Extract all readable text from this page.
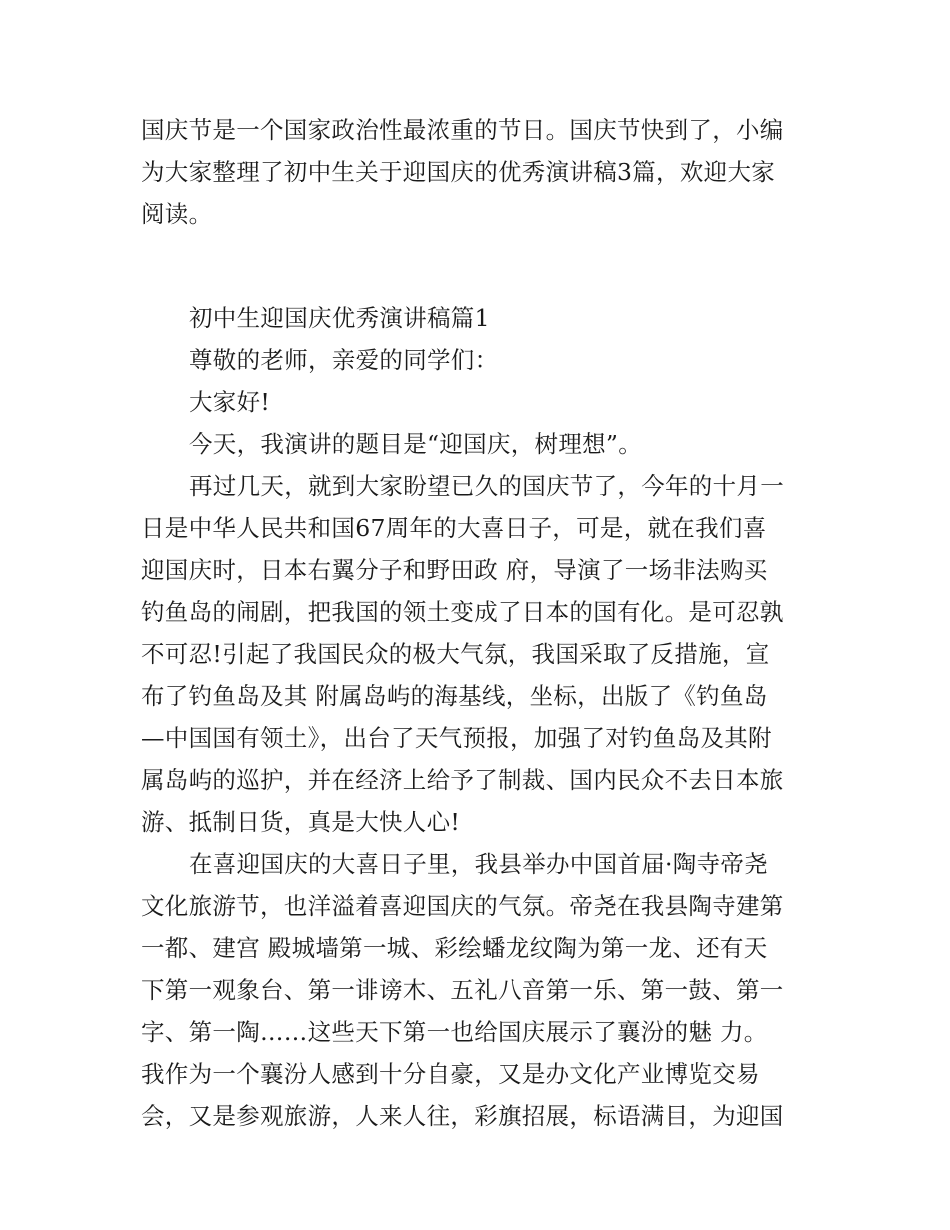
国庆节是一个国家政治性最浓重的节日。国庆节快到了，小编

为大家整理了初中生关于迎国庆的优秀演讲稿3篇，欢迎大家

阅读。

初中生迎国庆优秀演讲稿篇1

尊敬的老师，亲爱的同学们：

大家好!

今天，我演讲的题目是“迎国庆，树理想”。

再过几天，就到大家盼望已久的国庆节了，今年的十月一

日是中华人民共和国67周年的大喜日子，可是，就在我们喜

迎国庆时，日本右翼分子和野田政 府，导演了一场非法购买

钓鱼岛的闹剧，把我国的领土变成了日本的国有化。是可忍孰

不可忍!引起了我国民众的极大气氛，我国采取了反措施，宣

布了钓鱼岛及其 附属岛屿的海基线，坐标，出版了《钓鱼岛

—中国国有领土》，出台了天气预报，加强了对钓鱼岛及其附

属岛屿的巡护，并在经济上给予了制裁、国内民众不去日本旅

游、抵制日货，真是大快人心!

在喜迎国庆的大喜日子里，我县举办中国首届·陶寺帝尧

文化旅游节，也洋溢着喜迎国庆的气氛。帝尧在我县陶寺建第

一都、建宫 殿城墙第一城、彩绘蟠龙纹陶为第一龙、还有天

下第一观象台、第一诽谤木、五礼八音第一乐、第一鼓、第一

字、第一陶……这些天下第一也给国庆展示了襄汾的魅 力。

我作为一个襄汾人感到十分自豪，又是办文化产业博览交易

会，又是参观旅游，人来人往，彩旗招展，标语满目，为迎国
